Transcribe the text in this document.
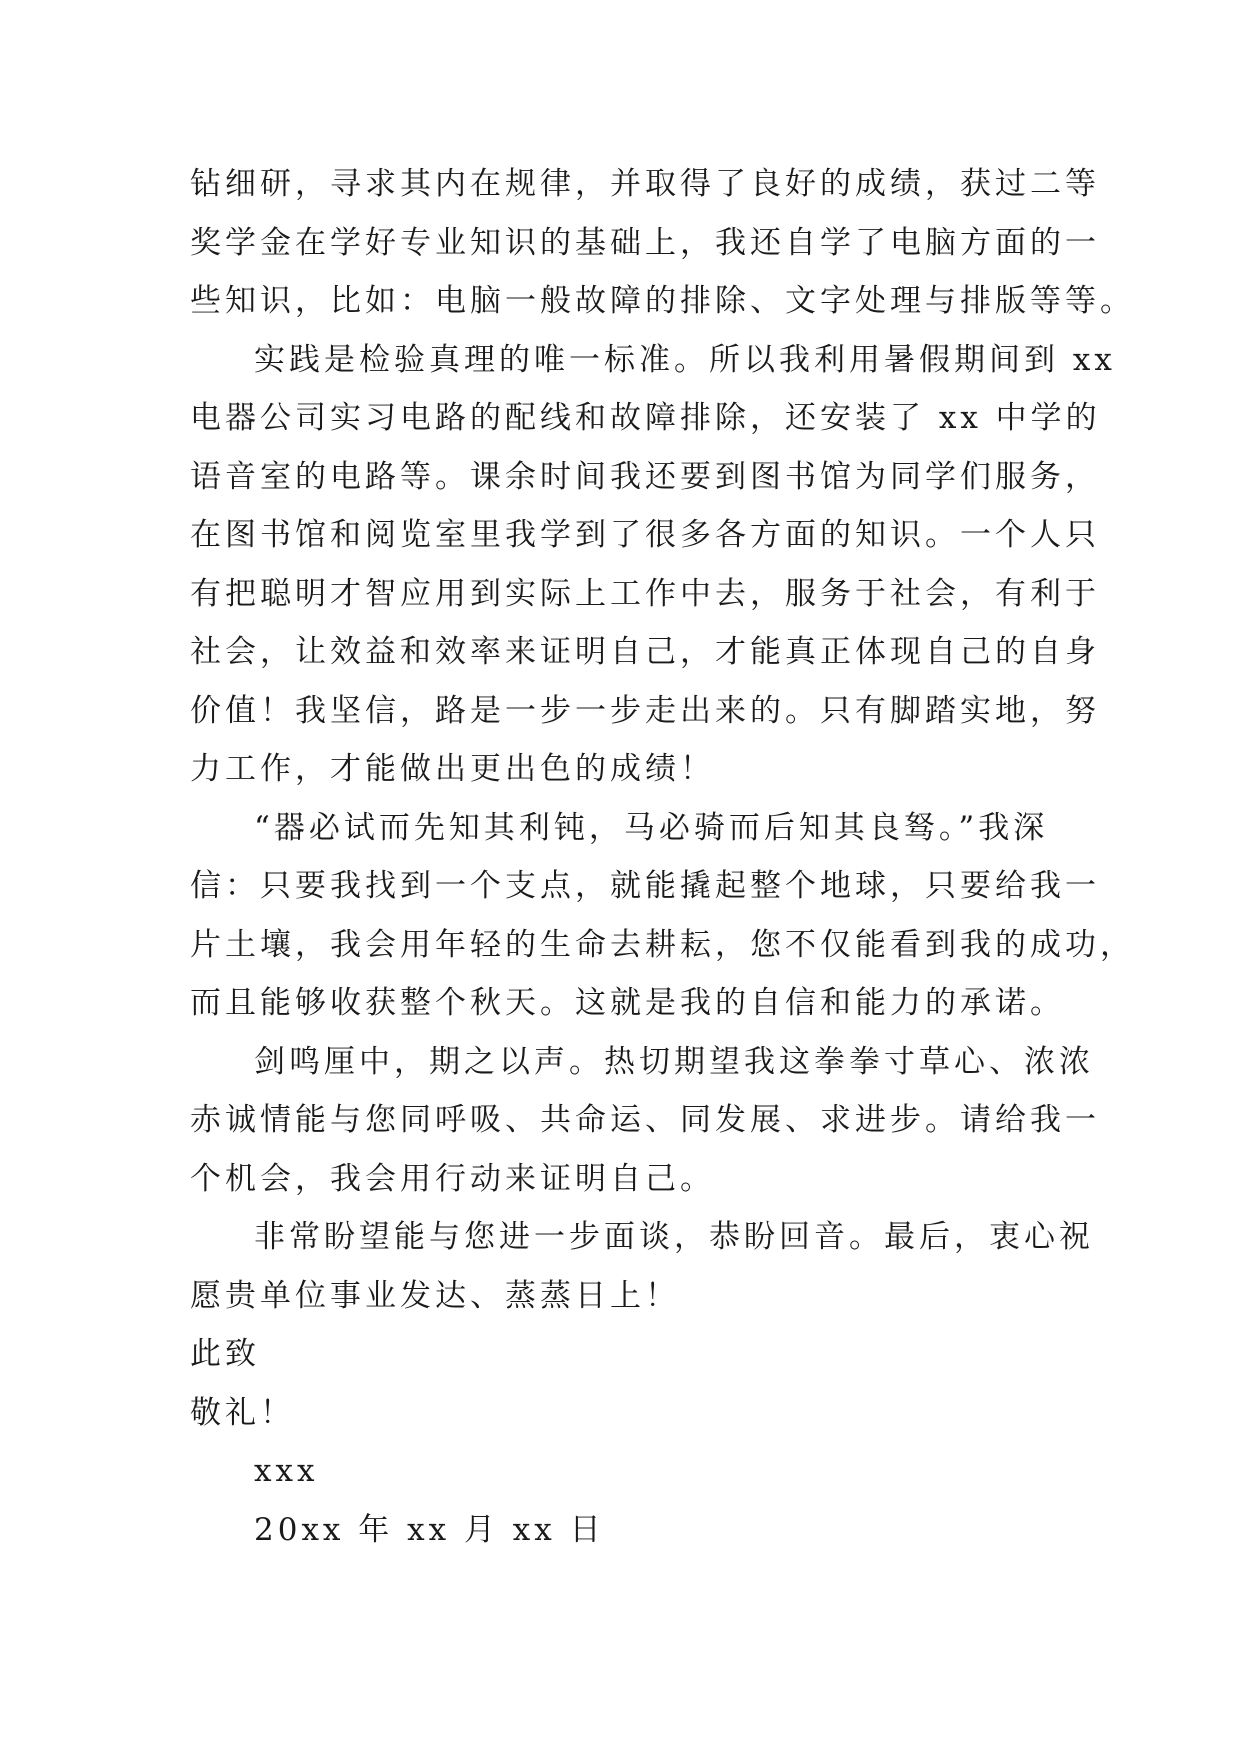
钻细研，寻求其内在规律，并取得了良好的成绩，获过二等
奖学金在学好专业知识的基础上，我还自学了电脑方面的一
些知识，比如：电脑一般故障的排除、文字处理与排版等等。
实践是检验真理的唯一标准。所以我利用暑假期间到 xx
电器公司实习电路的配线和故障排除，还安装了 xx 中学的
语音室的电路等。课余时间我还要到图书馆为同学们服务，
在图书馆和阅览室里我学到了很多各方面的知识。一个人只
有把聪明才智应用到实际上工作中去，服务于社会，有利于
社会，让效益和效率来证明自己，才能真正体现自己的自身
价值！我坚信，路是一步一步走出来的。只有脚踏实地，努
力工作，才能做出更出色的成绩！
“器必试而先知其利钝，马必骑而后知其良驽。”我深
信：只要我找到一个支点，就能撬起整个地球，只要给我一
片土壤，我会用年轻的生命去耕耘，您不仅能看到我的成功，
而且能够收获整个秋天。这就是我的自信和能力的承诺。
剑鸣厘中，期之以声。热切期望我这拳拳寸草心、浓浓
赤诚情能与您同呼吸、共命运、同发展、求进步。请给我一
个机会，我会用行动来证明自己。
非常盼望能与您进一步面谈，恭盼回音。最后，衷心祝
愿贵单位事业发达、蒸蒸日上！
此致
敬礼！
xxx
20xx 年 xx 月 xx 日
